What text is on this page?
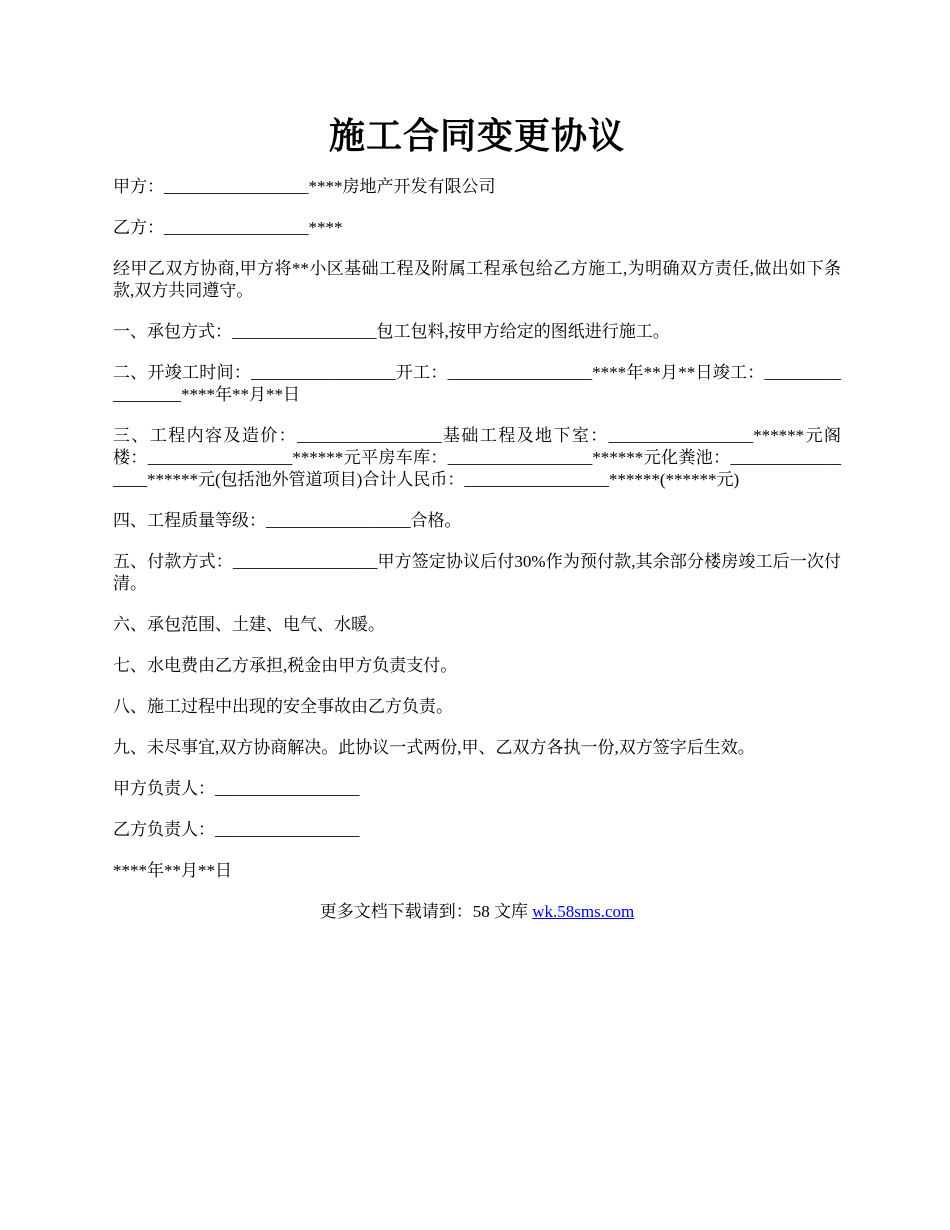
施工合同变更协议

甲方：_________________****房地产开发有限公司

乙方：_________________****

经甲乙双方协商,甲方将**小区基础工程及附属工程承包给乙方施工,为明确双方责任,做出如下条款,双方共同遵守。

一、承包方式：_________________包工包料,按甲方给定的图纸进行施工。

二、开竣工时间：_________________开工：_________________****年**月**日竣工：_________________****年**月**日

三、工程内容及造价：_________________基础工程及地下室：_________________******元阁楼：_________________******元平房车库：_________________******元化粪池：_________________******元(包括池外管道项目)合计人民币：_________________******(******元)

四、工程质量等级：_________________合格。

五、付款方式：_________________甲方签定协议后付30%作为预付款,其余部分楼房竣工后一次付清。

六、承包范围、土建、电气、水暖。

七、水电费由乙方承担,税金由甲方负责支付。

八、施工过程中出现的安全事故由乙方负责。

九、未尽事宜,双方协商解决。此协议一式两份,甲、乙双方各执一份,双方签字后生效。

甲方负责人：_________________

乙方负责人：_________________

****年**月**日

更多文档下载请到：58 文库 wk.58sms.com
